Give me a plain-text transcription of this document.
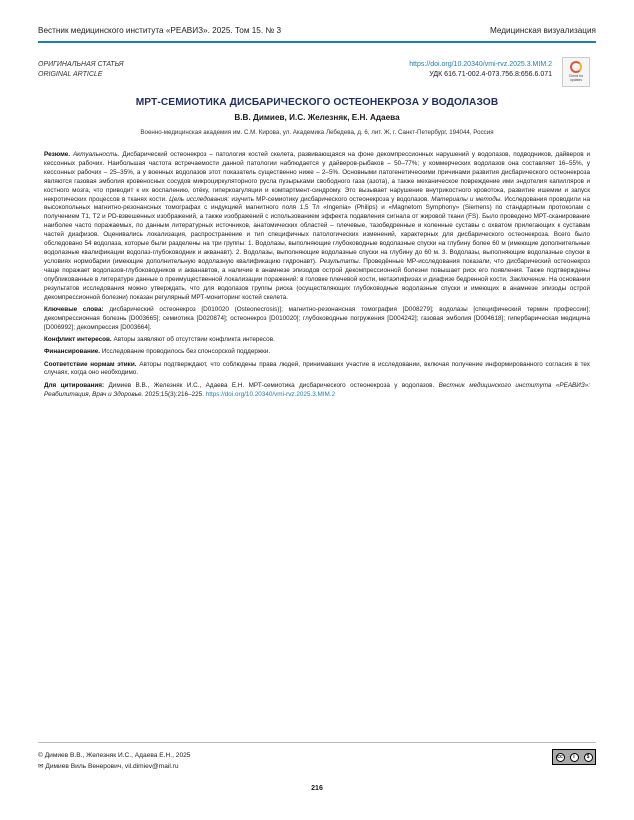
Вестник медицинского института «РЕАВИЗ». 2025. Том 15. № 3	Медицинская визуализация
ОРИГИНАЛЬНАЯ СТАТЬЯ
ORIGINAL ARTICLE
https://doi.org/10.20340/vmi-rvz.2025.3.MIM.2
УДК 616.71-002.4-073.756.8:656.6.071	Check for updates
МРТ-СЕМИОТИКА ДИСБАРИЧЕСКОГО ОСТЕОНЕКРОЗА У ВОДОЛАЗОВ
В.В. Димиев, И.С. Железняк, Е.Н. Адаева
Военно-медицинская академия им. С.М. Кирова, ул. Академика Лебедева, д. 6, лит. Ж, г. Санкт-Петербург, 194044, Россия

Резюме. Актуальность. Дисбарический остеонекроз – патология костей скелета, развивающаяся на фоне декомпрессионных нарушений у водолазов, подводников, дайверов и кессонных рабочих. Наибольшая частота встречаемости данной патологии наблюдается у дайверов-рыбаков – 50–77%; у коммерческих водолазов она составляет 16–55%, у кессонных рабочих – 25–35%, а у военных водолазов этот показатель существенно ниже – 2–5%. Основными патогенетическими причинами развития дисбарического остеонекроза являются газовая эмболия кровеносных сосудов микроциркуляторного русла пузырьками свободного газа (азота), а также механическое повреждение ими эндотелия капилляров и костного мозга, что приводит к их воспалению, отёку, гиперкоагуляции и компартмент-синдрому. Это вызывает нарушение внутрикостного кровотока, развитие ишемии и запуск некротических процессов в тканях кости. Цель исследования: изучить МР-семиотику дисбарического остеонекроза у водолазов. Материалы и методы. Исследования проводили на высокопольных магнитно-резонансных томографах с индукцией магнитного поля 1,5 Тл «Ingenia» (Philips) и «Magnetom Symphony» (Siemens) по стандартным протоколам с получением Т1, Т2 и PD-взвешенных изображений, а также изображений с использованием эффекта подавления сигнала от жировой ткани (FS). Было проведено МРТ-сканирование наиболее часто поражаемых, по данным литературных источников, анатомических областей – плечевые, тазобедренные и коленные суставы с охватом прилегающих к суставам частей диафизов. Оценивались локализация, распространение и тип специфичных патологических изменений, характерных для дисбарического остеонекроза. Всего было обследовано 54 водолаза, которые были разделены на три группы: 1. Водолазы, выполняющие глубоководные водолазные спуски на глубину более 60 м (имеющие дополнительные водолазные квалификации водолаз-глубоководник и акванавт). 2. Водолазы, выполняющие водолазные спуски на глубину до 60 м. 3. Водолазы, выполняющие водолазные спуски в условиях нормобарии (имеющие дополнительную водолазную квалификацию гидронавт). Результаты. Проведённые МР-исследования показали, что дисбарический остеонекроз чаще поражает водолазов-глубоководников и акванавтов, а наличие в анамнезе эпизодов острой декомпрессионной болезни повышает риск его появления. Также подтверждены опубликованные в литературе данные о преимущественной локализации поражений: в головке плечевой кости, метаэпифизах и диафизе бедренной кости. Заключение. На основании результатов исследования можно утверждать, что для водолазов группы риска (осуществляющих глубоководные водолазные спуски и имеющих в анамнезе эпизоды острой декомпрессионной болезни) показан регулярный МРТ-мониторинг костей скелета.

Ключевые слова: дисбарический остеонекроз [D010020 (Osteonecrosis)]; магнитно-резонансная томография [D008279]; водолазы [специфический термин профессии]; декомпрессионная болезнь [D003665]; семиотика [D020874]; остеонекроз [D010020]; глубоководные погружения [D004242]; газовая эмболия [D004618]; гипербарическая медицина [D006992]; декомпрессия [D003664].

Конфликт интересов. Авторы заявляют об отсутствии конфликта интересов.

Финансирование. Исследование проводилось без спонсорской поддержки.

Соответствие нормам этики. Авторы подтверждают, что соблюдены права людей, принимавших участие в исследовании, включая получение информированного согласия в тех случаях, когда оно необходимо.

Для цитирования: Димиев В.В., Железняк И.С., Адаева Е.Н. МРТ-семиотика дисбарического остеонекроза у водолазов. Вестник медицинского института «РЕАВИЗ»: Реабилитация, Врач и Здоровье. 2025;15(3):216–225. https://doi.org/10.20340/vmi-rvz.2025.3.MIM.2

© Димиев В.В., Железняк И.С., Адаева Е.Н., 2025
✉ Димиев Виль Венерович, vil.dimiev@mail.ru
cc	i	$
216
